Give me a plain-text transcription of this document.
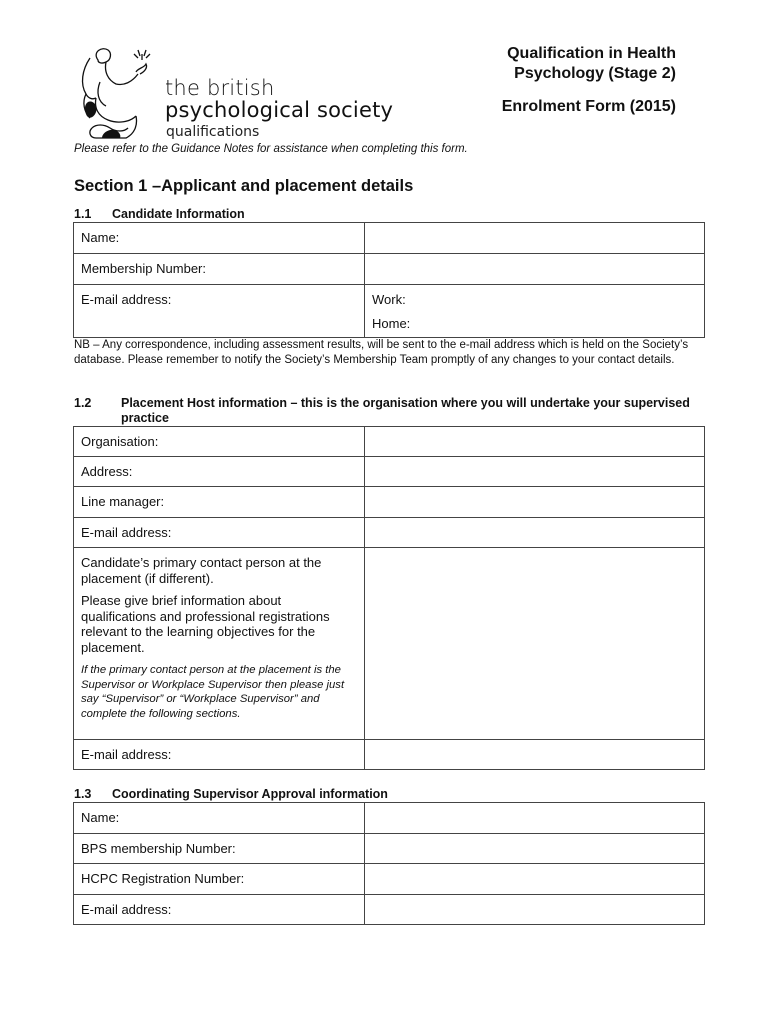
the british
psychological society
qualifications
Qualification in Health
Psychology (Stage 2)
Enrolment Form (2015)
Please refer to the Guidance Notes for assistance when completing this form.
Section 1 –Applicant and placement details
1.1 Candidate Information
Name:	
Membership Number:	
E-mail address:	Work:
Home:
NB – Any correspondence, including assessment results, will be sent to the e-mail address which is held on the Society’s database. Please remember to notify the Society’s Membership Team promptly of any changes to your contact details.
1.2 Placement Host information – this is the organisation where you will undertake your supervised practice
Organisation:	
Address:	
Line manager:	
E-mail address:	

Candidate’s primary contact person at the placement (if different).
Please give brief information about qualifications and professional registrations relevant to the learning objectives for the placement.
If the primary contact person at the placement is the Supervisor or Workplace Supervisor then please just say “Supervisor” or “Workplace Supervisor” and complete the following sections.	

E-mail address:	
1.3 Coordinating Supervisor Approval information
Name:	
BPS membership Number:	
HCPC Registration Number:	
E-mail address:	
